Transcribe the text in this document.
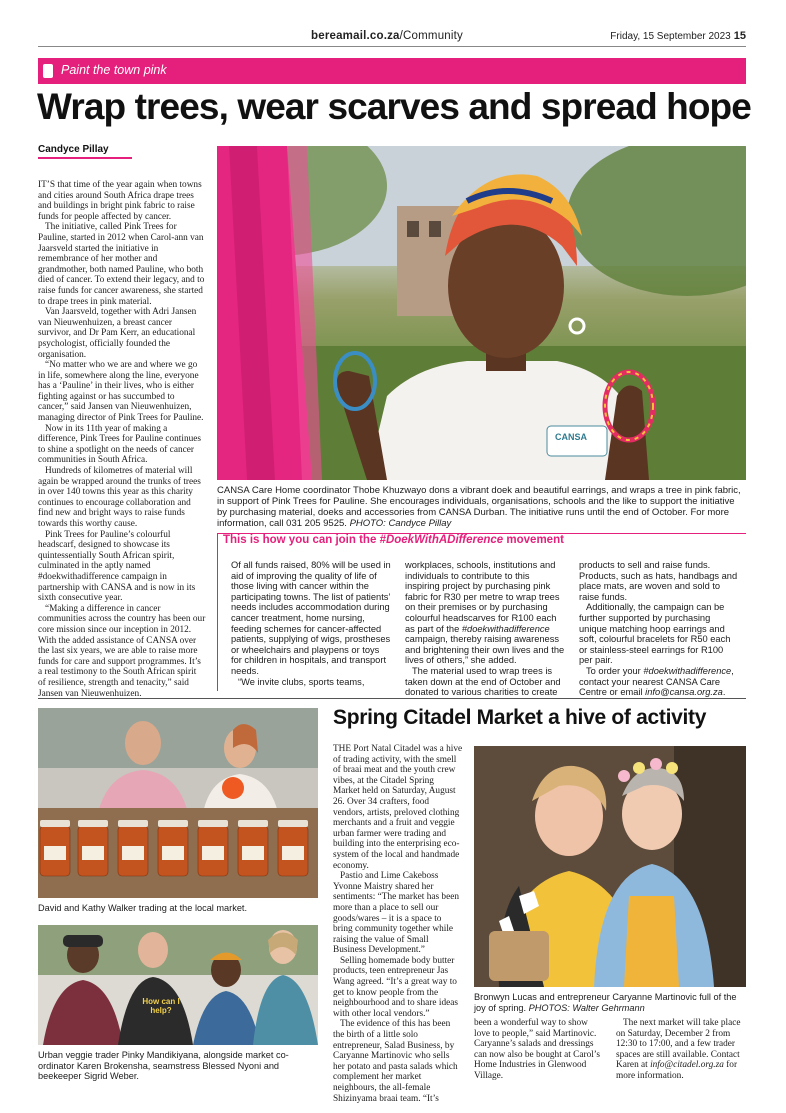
bereamail.co.za/Community	Friday, 15 September 2023 15
Paint the town pink
Wrap trees, wear scarves and spread hope
Candyce Pillay

IT’S that time of the year again when towns and cities around South Africa drape trees and buildings in bright pink fabric to raise funds for people affected by cancer.

The initiative, called Pink Trees for Pauline, started in 2012 when Carol-ann van Jaarsveld started the initiative in remembrance of her mother and grandmother, both named Pauline, who both died of cancer. To extend their legacy, and to raise funds for cancer awareness, she started to drape trees in pink material.

Van Jaarsveld, together with Adri Jansen van Nieuwenhuizen, a breast cancer survivor, and Dr Pam Kerr, an educational psychologist, officially founded the organisation.

“No matter who we are and where we go in life, somewhere along the line, everyone has a ‘Pauline’ in their lives, who is either fighting against or has succumbed to cancer,” said Jansen van Nieuwenhuizen, managing director of Pink Trees for Pauline.

Now in its 11th year of making a difference, Pink Trees for Pauline continues to shine a spotlight on the needs of cancer communities in South Africa.

Hundreds of kilometres of material will again be wrapped around the trunks of trees in over 140 towns this year as this charity continues to encourage collaboration and find new and bright ways to raise funds towards this worthy cause.

Pink Trees for Pauline’s colourful headscarf, designed to showcase its quintessentially South African spirit, culminated in the aptly named #doekwithadifference campaign in partnership with CANSA and is now in its sixth consecutive year.

“Making a difference in cancer communities across the country has been our core mission since our inception in 2012. With the added assistance of CANSA over the last six years, we are able to raise more funds for care and support programmes. It’s a real testimony to the South African spirit of resilience, strength and tenacity,” said Jansen van Nieuwenhuizen.

CANSA
CANSA Care Home coordinator Thobe Khuzwayo dons a vibrant doek and beautiful earrings, and wraps a tree in pink fabric, in support of Pink Trees for Pauline. She encourages individuals, organisations, schools and the like to support the initiative by purchasing material, doeks and accessories from CANSA Durban. The initiative runs until the end of October. For more information, call 031 205 9525. PHOTO: Candyce Pillay
This is how you can join the #DoekWithADifference movement

Of all funds raised, 80% will be used in aid of improving the quality of life of those living with cancer within the participating towns. The list of patients’ needs includes accommodation during cancer treatment, home nursing, feeding schemes for cancer-affected patients, supplying of wigs, prostheses or wheelchairs and playpens or toys for children in hospitals, and transport needs.

“We invite clubs, sports teams,

workplaces, schools, institutions and individuals to contribute to this inspiring project by purchasing pink fabric for R30 per metre to wrap trees on their premises or by purchasing colourful headscarves for R100 each as part of the #doekwithadifference campaign, thereby raising awareness and brightening their own lives and the lives of others,” she added.

The material used to wrap trees is taken down at the end of October and donated to various charities to create

products to sell and raise funds. Products, such as hats, handbags and place mats, are woven and sold to raise funds.

Additionally, the campaign can be further supported by purchasing unique matching hoop earrings and soft, colourful bracelets for R50 each or stainless-steel earrings for R100 per pair.

To order your #doekwithadifference, contact your nearest CANSA Care Centre or email info@cansa.org.za.

Spring Citadel Market a hive of activity
David and Kathy Walker trading at the local market.
How can I help?
Urban veggie trader Pinky Mandikiyana, alongside market co-ordinator Karen Brokensha, seamstress Blessed Nyoni and beekeeper Sigrid Weber.

THE Port Natal Citadel was a hive of trading activity, with the smell of braai meat and the youth crew vibes, at the Citadel Spring Market held on Saturday, August 26. Over 34 crafters, food vendors, artists, preloved clothing merchants and a fruit and veggie urban farmer were trading and building into the enterprising eco-system of the local and handmade economy.

Pastio and Lime Cakeboss Yvonne Maistry shared her sentiments: “The market has been more than a place to sell our goods/wares – it is a space to bring community together while raising the value of Small Business Development.”

Selling homemade body butter products, teen entrepreneur Jas Wang agreed. “It’s a great way to get to know people from the neighbourhood and to share ideas with other local vendors.”

The evidence of this has been the birth of a little solo entrepreneur, Salad Business, by Caryanne Martinovic who sells her potato and pasta salads which complement her market neighbours, the all-female Shizinyama braai team. “It’s

Bronwyn Lucas and entrepreneur Caryanne Martinovic full of the joy of spring. PHOTOS: Walter Gehrmann

been a wonderful way to show love to people,” said Martinovic. Caryanne’s salads and dressings can now also be bought at Carol’s Home Industries in Glenwood Village.

The next market will take place on Saturday, December 2 from 12:30 to 17:00, and a few trader spaces are still available. Contact Karen at info@citadel.org.za for more information.
